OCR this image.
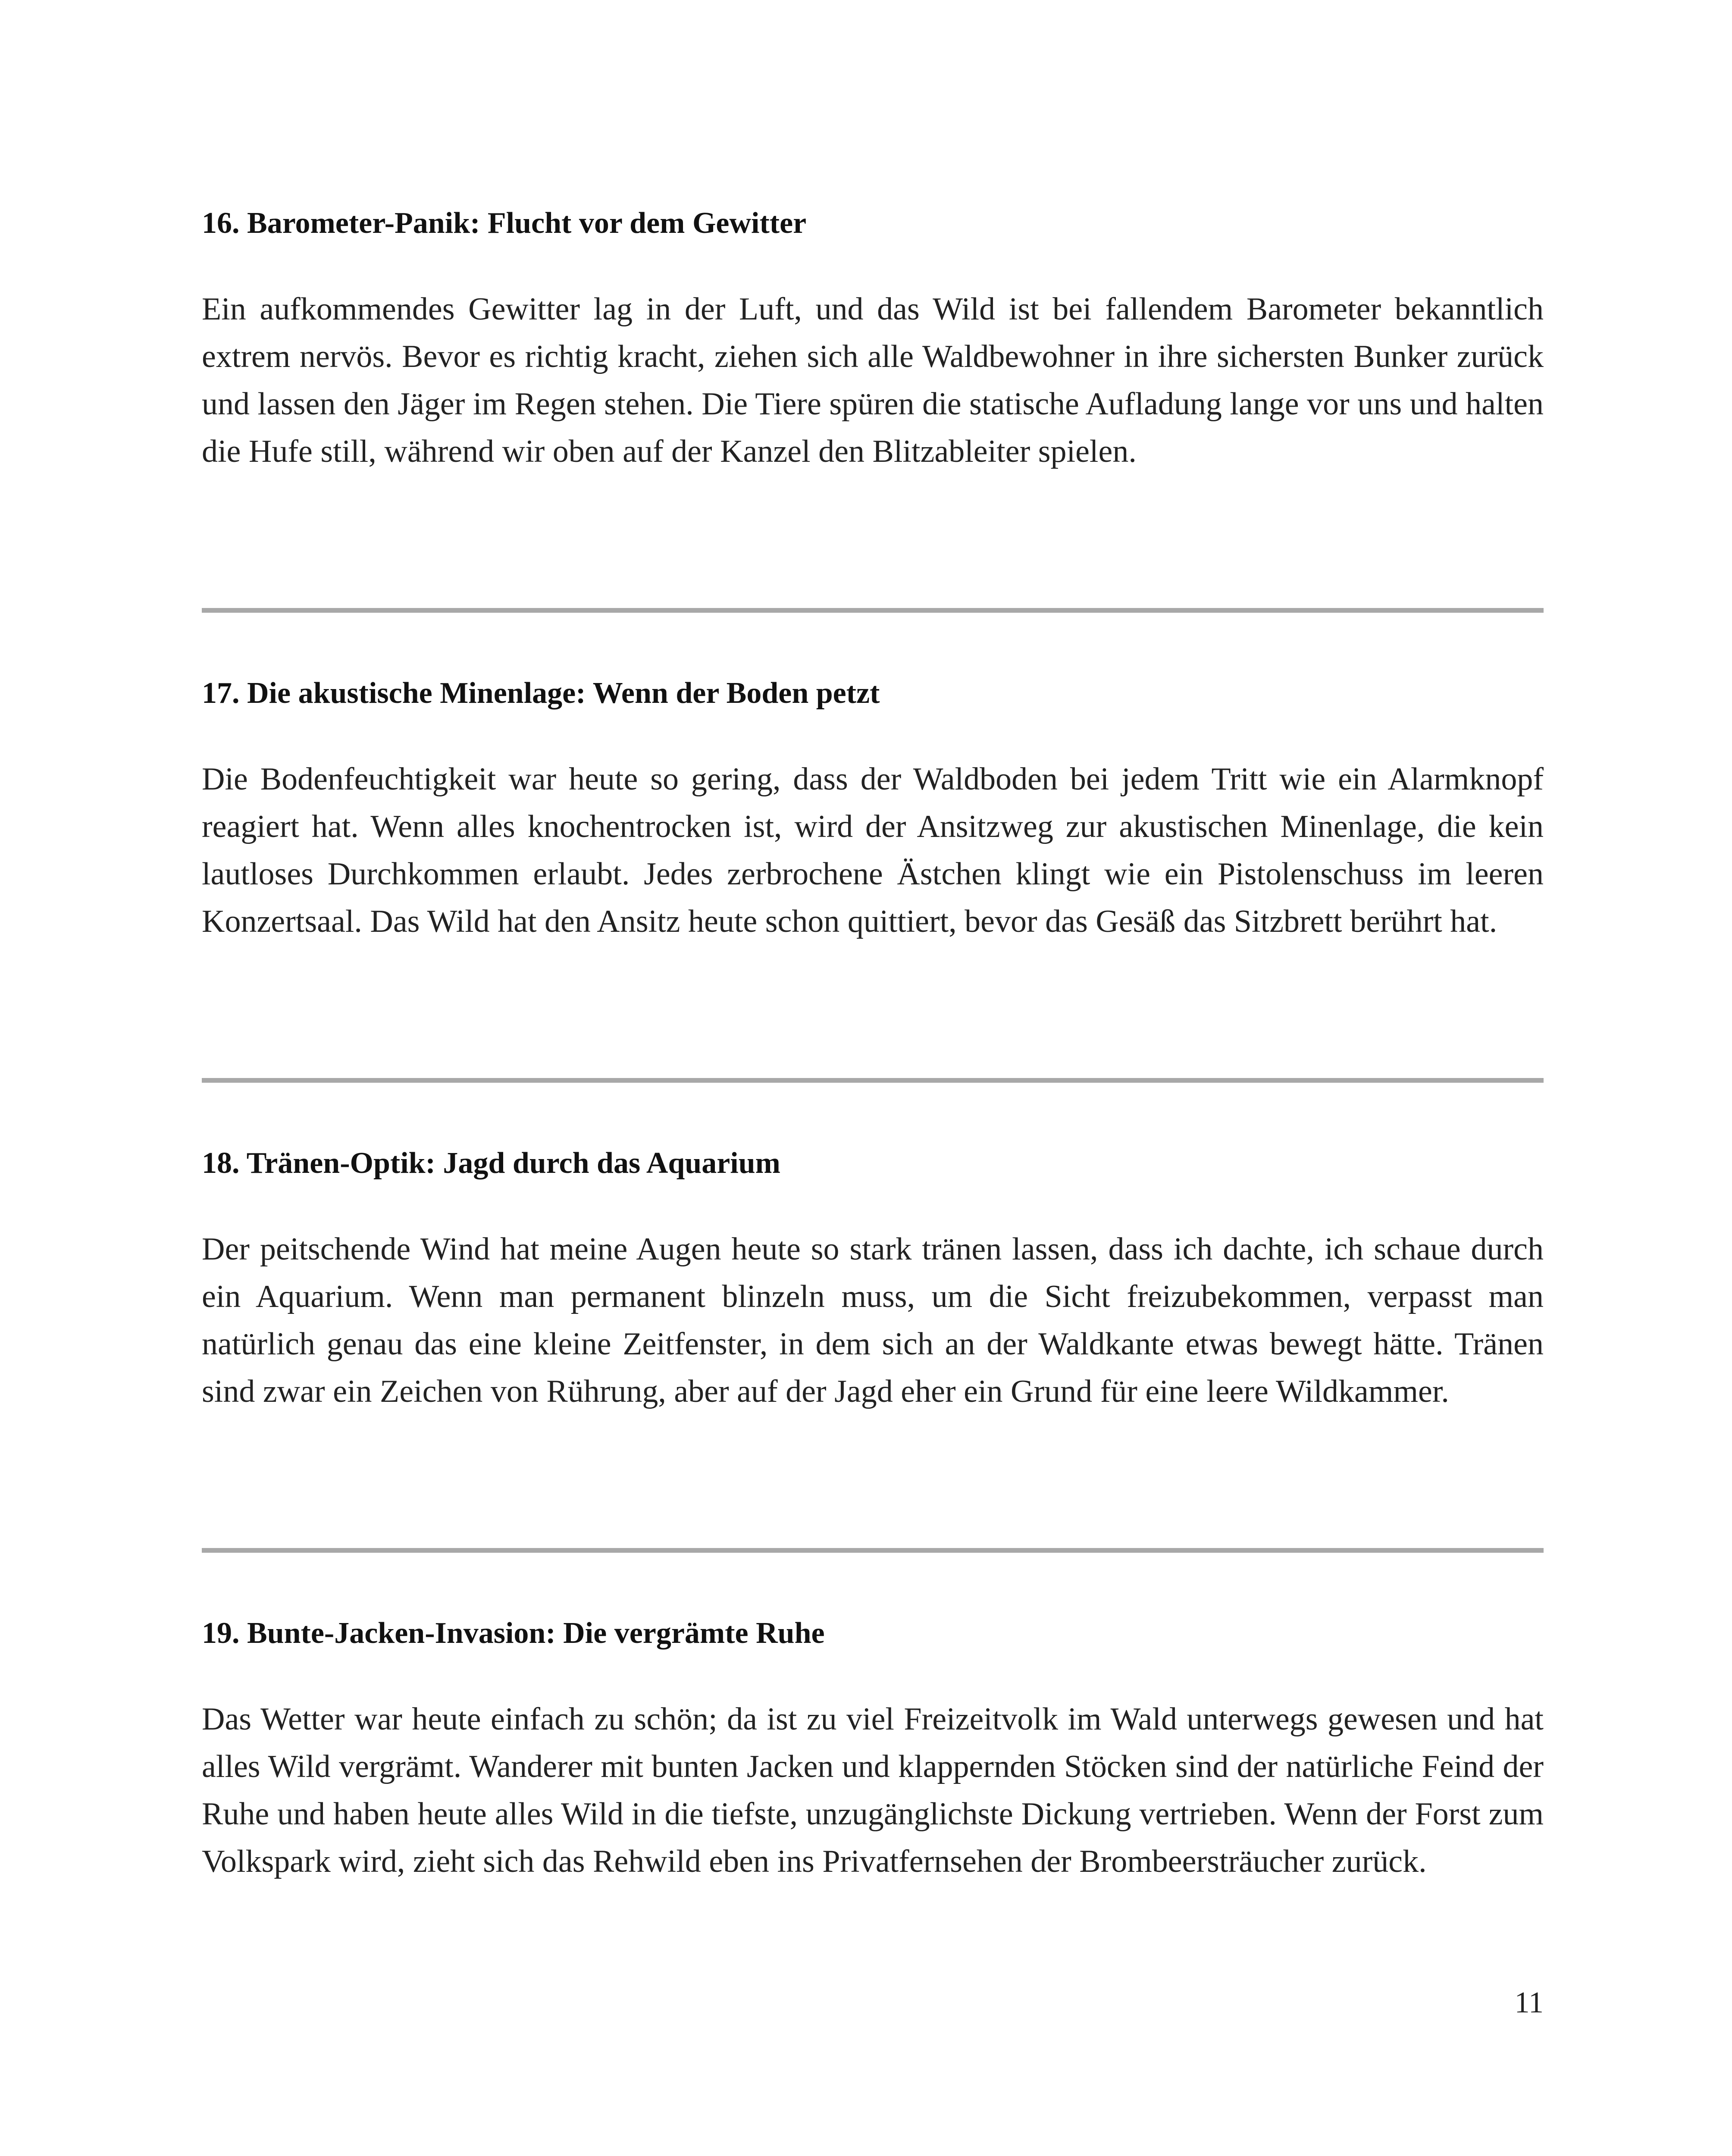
16. Barometer-Panik: Flucht vor dem Gewitter

Ein aufkommendes Gewitter lag in der Luft, und das Wild ist bei fallendem Barometer bekanntlich extrem nervös. Bevor es richtig kracht, ziehen sich alle Waldbewohner in ihre sichersten Bunker zurück und lassen den Jäger im Regen stehen. Die Tiere spüren die statische Aufladung lange vor uns und halten die Hufe still, während wir oben auf der Kanzel den Blitzableiter spielen.

17. Die akustische Minenlage: Wenn der Boden petzt

Die Bodenfeuchtigkeit war heute so gering, dass der Waldboden bei jedem Tritt wie ein Alarmknopf reagiert hat. Wenn alles knochentrocken ist, wird der Ansitzweg zur akustischen Minenlage, die kein lautloses Durchkommen erlaubt. Jedes zerbrochene Ästchen klingt wie ein Pistolenschuss im leeren Konzertsaal. Das Wild hat den Ansitz heute schon quittiert, bevor das Gesäß das Sitzbrett berührt hat.

18. Tränen-Optik: Jagd durch das Aquarium

Der peitschende Wind hat meine Augen heute so stark tränen lassen, dass ich dachte, ich schaue durch ein Aquarium. Wenn man permanent blinzeln muss, um die Sicht freizubekommen, verpasst man natürlich genau das eine kleine Zeitfenster, in dem sich an der Waldkante etwas bewegt hätte. Tränen sind zwar ein Zeichen von Rührung, aber auf der Jagd eher ein Grund für eine leere Wildkammer.

19. Bunte-Jacken-Invasion: Die vergrämte Ruhe

Das Wetter war heute einfach zu schön; da ist zu viel Freizeitvolk im Wald unterwegs gewesen und hat alles Wild vergrämt. Wanderer mit bunten Jacken und klappernden Stöcken sind der natürliche Feind der Ruhe und haben heute alles Wild in die tiefste, unzugänglichste Dickung vertrieben. Wenn der Forst zum Volkspark wird, zieht sich das Rehwild eben ins Privatfernsehen der Brombeersträucher zurück.

11
